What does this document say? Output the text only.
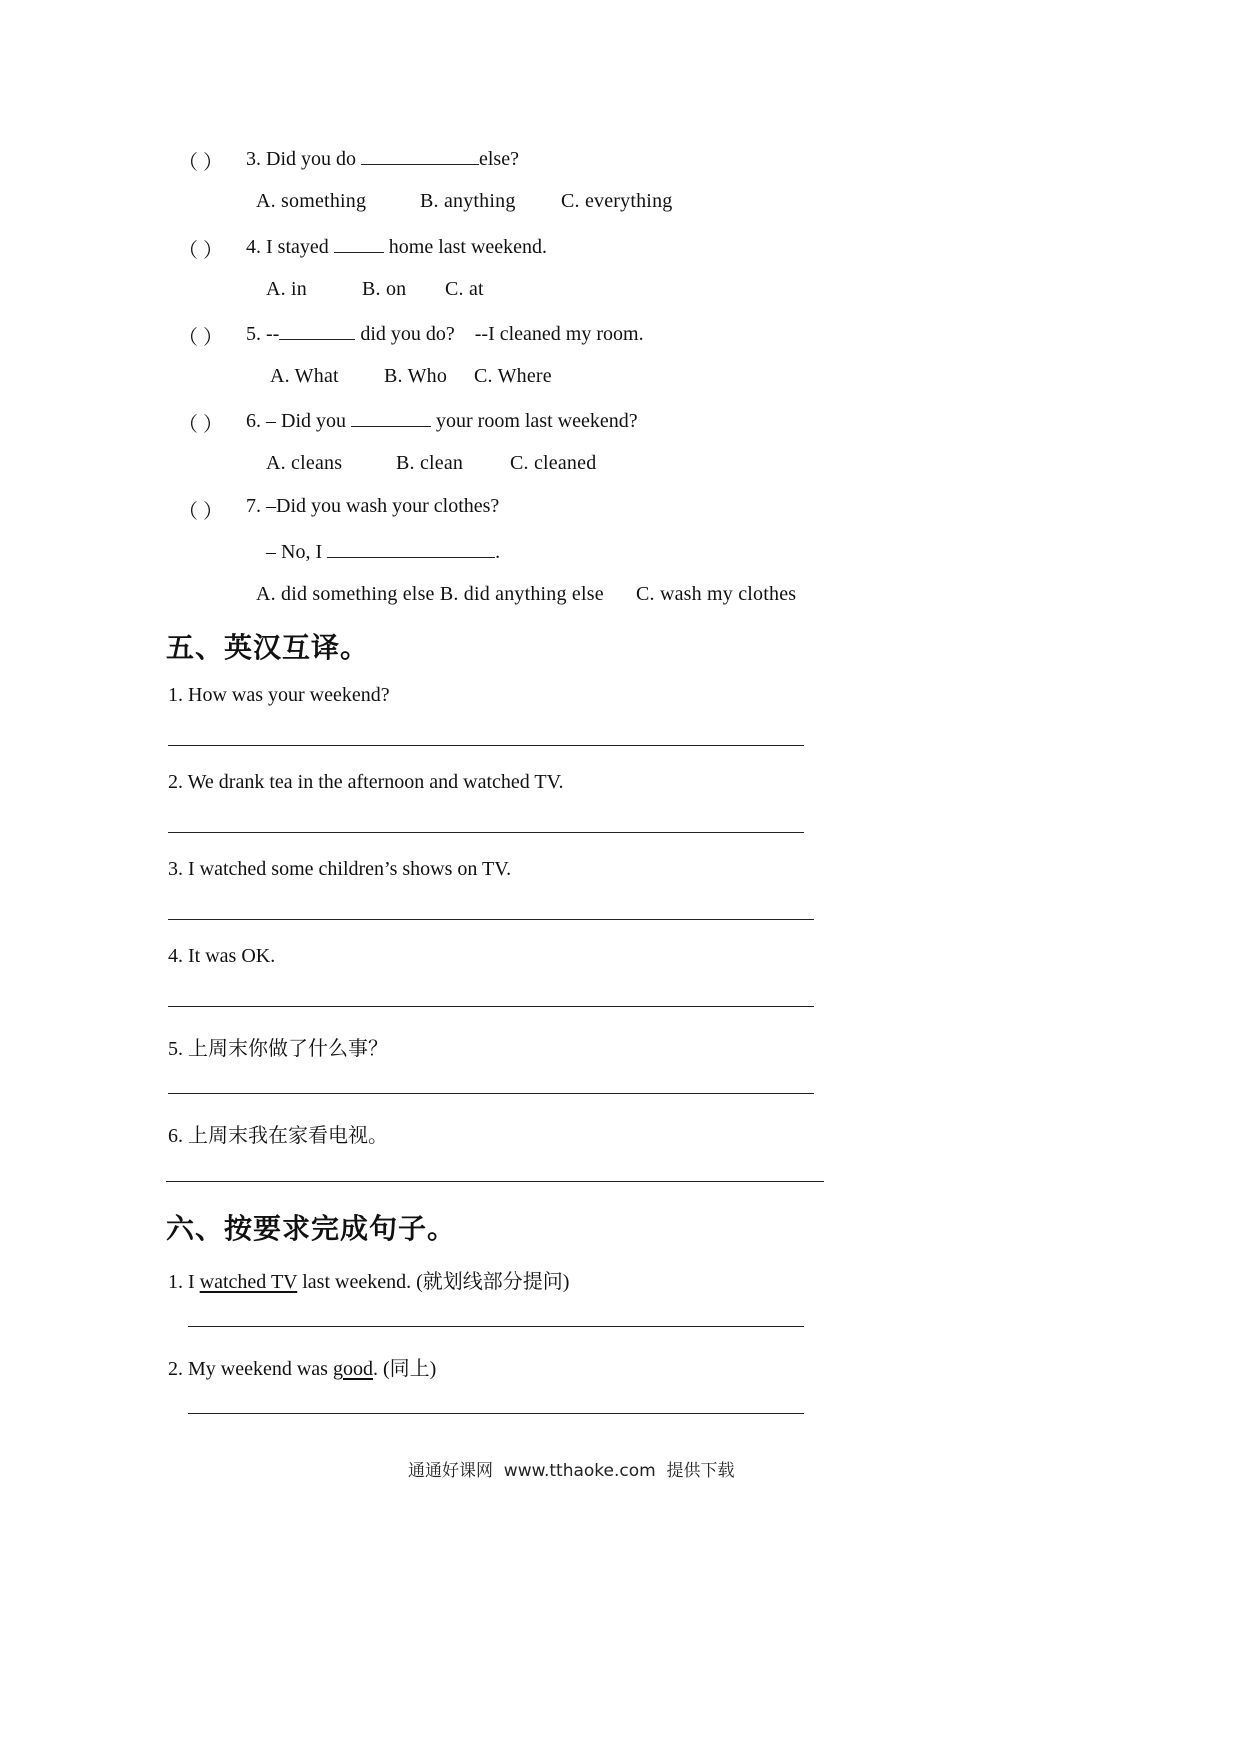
（ ） 3. Did you do	else?
A. something	B. anything C. everything
（ ） 4. I stayed	home last weekend.
A. in	B. on C. at
（ ） 5. --	did you do?    --I cleaned my room.
A. What B. Who C. Where
（ ） 6. – Did you	your room last weekend?
A. cleans	B. clean C. cleaned
（ ） 7. –Did you wash your clothes?
– No, I	.
A. did something else B. did anything else C. wash my clothes
五、英汉互译。
1. How was your weekend?
2. We drank tea in the afternoon and watched TV.
3. I watched some children’s shows on TV.
4. It was OK.
5. 上周末你做了什么事？
6. 上周末我在家看电视。
六、按要求完成句子。
1. I watched TV last weekend. (就划线部分提问)
2. My weekend was good. (同上)
通通好课网  www.tthaoke.com  提供下载
